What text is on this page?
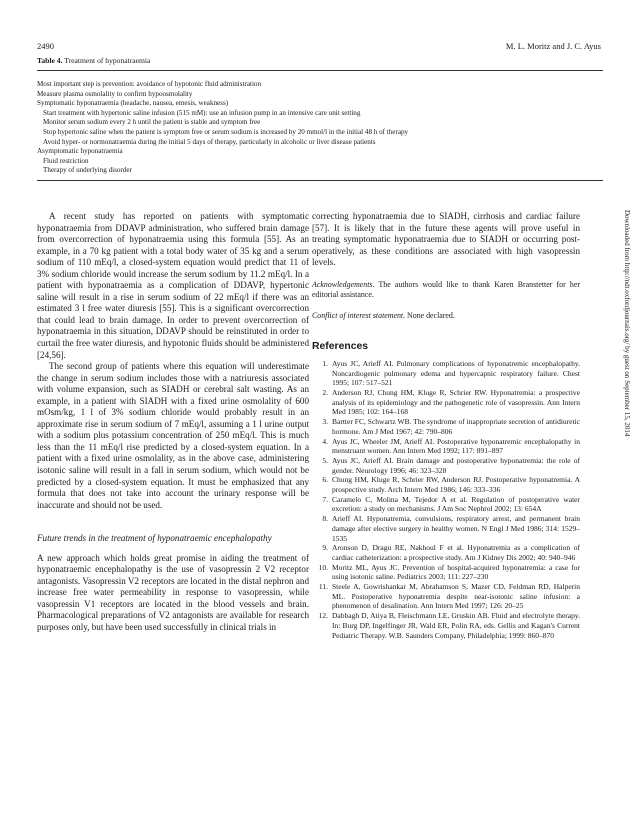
2490	M. L. Moritz and J. C. Ayus
Table 4. Treatment of hyponatraemia
Most important step is prevention: avoidance of hypotonic fluid administration
Measure plasma osmolality to confirm hypoosmolality
Symptomatic hyponatraemia (headache, nausea, emesis, weakness)
Start treatment with hypertonic saline infusion (515 mM): use an infusion pump in an intensive care unit setting
Monitor serum sodium every 2 h until the patient is stable and symptom free
Stop hypertonic saline when the patient is symptom free or serum sodium is increased by 20 mmol/l in the initial 48 h of therapy
Avoid hyper- or normonatraemia during the initial 5 days of therapy, particularly in alcoholic or liver disease patients
Asymptomatic hyponatraemia
Fluid restriction
Therapy of underlying disorder

A recent study has reported on patients with symptomatic hyponatraemia from DDAVP administration, who suffered brain damage from overcorrection of hyponatraemia using this formula [55]. As an example, in a 70 kg patient with a total body water of 35 kg and a serum sodium of 110 mEq/l, a closed-system equation would predict that 11 of 3% sodium chloride would increase the serum sodium by 11.2 mEq/l. In a patient with hyponatraemia as a complication of DDAVP, hypertonic saline will result in a rise in serum sodium of 22 mEq/l if there was an estimated 3 l free water diuresis [55]. This is a significant overcorrection that could lead to brain damage. In order to prevent overcorrection of hyponatraemia in this situation, DDAVP should be reinstituted in order to curtail the free water diuresis, and hypotonic fluids should be administered [24,56].

The second group of patients where this equation will underestimate the change in serum sodium includes those with a natriuresis associated with volume expansion, such as SIADH or cerebral salt wasting. As an example, in a patient with SIADH with a fixed urine osmolality of 600 mOsm/kg, 1 l of 3% sodium chloride would probably result in an approximate rise in serum sodium of 7 mEq/l, assuming a 1 l urine output with a sodium plus potassium concentration of 250 mEq/l. This is much less than the 11 mEq/l rise predicted by a closed-system equation. In a patient with a fixed urine osmolality, as in the above case, administering isotonic saline will result in a fall in serum sodium, which would not be predicted by a closed-system equation. It must be emphasized that any formula that does not take into account the urinary response will be inaccurate and should not be used.

Future trends in the treatment of hyponatraemic encephalopathy

A new approach which holds great promise in aiding the treatment of hyponatraemic encephalopathy is the use of vasopressin 2 V2 receptor antagonists. Vasopressin V2 receptors are located in the distal nephron and increase free water permeability in response to vasopressin, while vasopressin V1 receptors are located in the blood vessels and brain. Pharmacological preparations of V2 antagonists are available for research purposes only, but have been used successfully in clinical trials in

correcting hyponatraemia due to SIADH, cirrhosis and cardiac failure [57]. It is likely that in the future these agents will prove useful in treating symptomatic hyponatraemia due to SIADH or occurring post-operatively, as these conditions are associated with high vasopressin levels.

Acknowledgements. The authors would like to thank Karen Branstetter for her editorial assistance.

Conflict of interest statement. None declared.

References
1. Ayus JC, Arieff AI. Pulmonary complications of hyponatremic encephalopathy. Noncardiogenic pulmonary edema and hypercapnic respiratory failure. Chest 1995; 107: 517–521
2. Anderson RJ, Chung HM, Kluge R, Schrier RW. Hyponatremia: a prospective analysis of its epidemiology and the pathogenetic role of vasopressin. Ann Intern Med 1985; 102: 164–168
3. Bartter FC, Schwartz WB. The syndrome of inappropriate secretion of antidiuretic hormone. Am J Med 1967; 42: 790–806
4. Ayus JC, Wheeler JM, Arieff AI. Postoperative hyponatremic encephalopathy in menstruant women. Ann Intern Med 1992; 117: 891–897
5. Ayus JC, Arieff AI. Brain damage and postoperative hyponatremia: the role of gender. Neurology 1996; 46: 323–328
6. Chung HM, Kluge R, Schrier RW, Anderson RJ. Postoperative hyponatremia. A prospective study. Arch Intern Med 1986; 146: 333–336
7. Caramelo C, Molina M, Tejedor A et al. Regulation of postoperative water excretion: a study on mechanisms. J Am Soc Nephrol 2002; 13: 654A
8. Arieff AI. Hyponatremia, convulsions, respiratory arrest, and permanent brain damage after elective surgery in healthy women. N Engl J Med 1986; 314: 1529–1535
9. Aronson D, Dragu RE, Nakhoul F et al. Hyponatremia as a complication of cardiac catheterization: a prospective study. Am J Kidney Dis 2002; 40: 940–946
10. Moritz ML, Ayus JC. Prevention of hospital-acquired hyponatremia: a case for using isotonic saline. Pediatrics 2003; 111: 227–230
11. Steele A, Gowrishankar M, Abrahamson S, Mazer CD, Feldman RD, Halperin ML. Postoperative hyponatremia despite near-isotonic saline infusion: a phenomenon of desalination. Ann Intern Med 1997; 126: 20–25
12. Dabbagh D, Atiya B, Fleischmann LE, Gruskin AB. Fluid and electrolyte therapy. In: Burg DP, Ingelfinger JR, Wald ER, Polin RA, eds. Gellis and Kagan's Current Pediatric Therapy. W.B. Saunders Company, Philadelphia; 1999: 860–870
Downloaded from http://ndt.oxfordjournals.org/ by guest on September 15, 2014
